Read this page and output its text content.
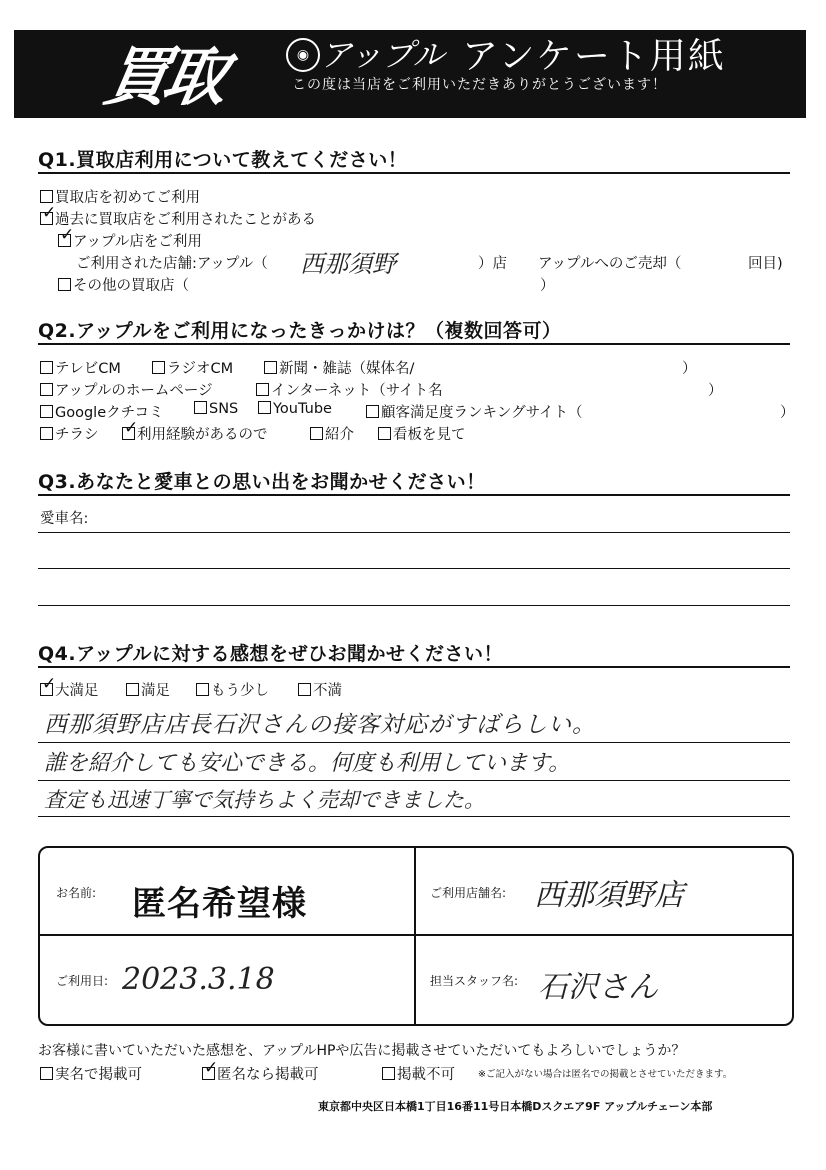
買取	◉ アップル アンケート用紙
この度は当店をご利用いただきありがとうございます！
Q1.買取店利用について教えてください！
買取店を初めてご利用
✓過去に買取店をご利用されたことがある
✓アップル店をご利用
ご利用された店舗:アップル（ 西那須野	）店 アップルへのご売却（	回目)
その他の買取店（	）
Q2.アップルをご利用になったきっかけは？（複数回答可）
テレビCM	ラジオCM	新聞・雑誌（媒体名/	）
アップルのホームページ	インターネット（サイト名	）
Googleクチコミ	SNS	YouTube	顧客満足度ランキングサイト（	）
チラシ ✓	利用経験があるので	紹介	看板を見て
Q3.あなたと愛車との思い出をお聞かせください！
愛車名:
Q4.アップルに対する感想をぜひお聞かせください！
✓大満足	満足	もう少し	不満
西那須野店店長石沢さんの接客対応がすばらしい。
誰を紹介しても安心できる。何度も利用しています。
査定も迅速丁寧で気持ちよく売却できました。
お名前: 匿名希望様	ご利用店舗名: 西那須野店
ご利用日: 2023.3.18	担当スタッフ名: 石沢さん
お客様に書いていただいた感想を、アップルHPや広告に掲載させていただいてもよろしいでしょうか？
実名で掲載可 ✓	匿名なら掲載可	掲載不可 ※ご記入がない場合は匿名での掲載とさせていただきます。
東京都中央区日本橋1丁目16番11号日本橋Dスクエア9F アップルチェーン本部
